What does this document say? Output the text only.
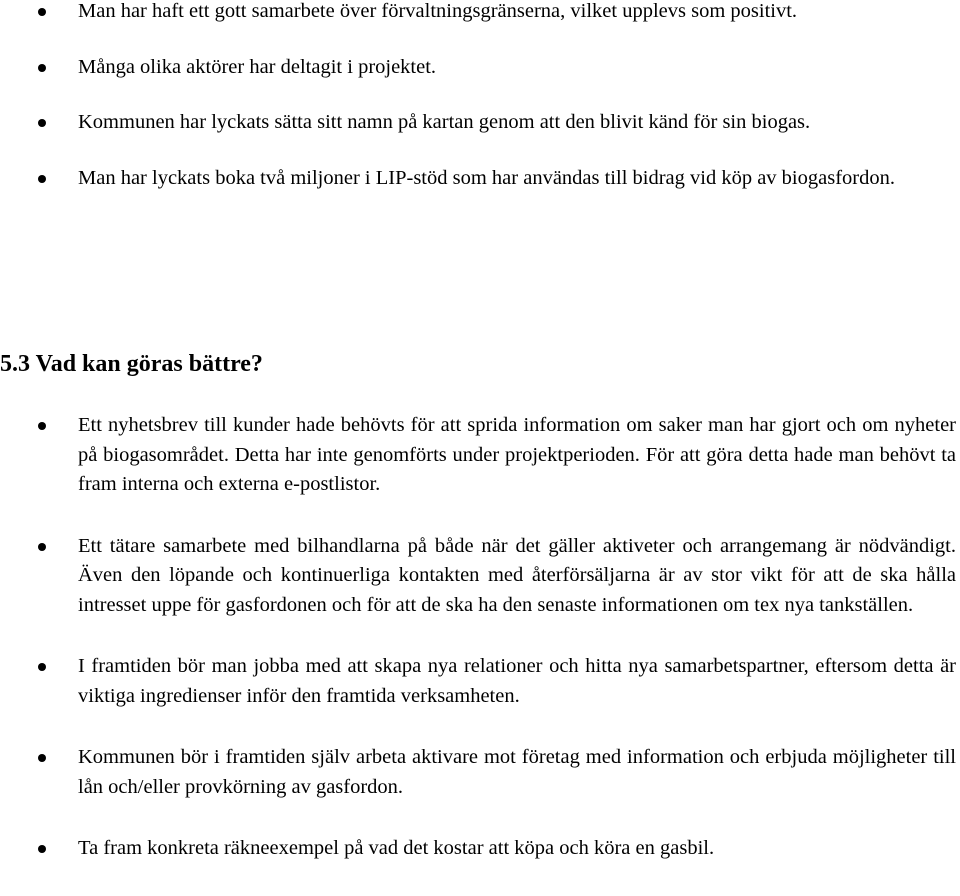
Man har haft ett gott samarbete över förvaltningsgränserna, vilket upplevs som positivt.
Många olika aktörer har deltagit i projektet.
Kommunen har lyckats sätta sitt namn på kartan genom att den blivit känd för sin biogas.
Man har lyckats boka två miljoner i LIP-stöd som har användas till bidrag vid köp av biogasfordon.
5.3 Vad kan göras bättre?
Ett nyhetsbrev till kunder hade behövts för att sprida information om saker man har gjort och om nyheter på biogasområdet. Detta har inte genomförts under projektperioden. För att göra detta hade man behövt ta fram interna och externa e-postlistor.
Ett tätare samarbete med bilhandlarna på både när det gäller aktiveter och arrangemang är nödvändigt. Även den löpande och kontinuerliga kontakten med återförsäljarna är av stor vikt för att de ska hålla intresset uppe för gasfordonen och för att de ska ha den senaste informationen om tex nya tankställen.
I framtiden bör man jobba med att skapa nya relationer och hitta nya samarbetspartner, eftersom detta är viktiga ingredienser inför den framtida verksamheten.
Kommunen bör i framtiden själv arbeta aktivare mot företag med information och erbjuda möjligheter till lån och/eller provkörning av gasfordon.
Ta fram konkreta räkneexempel på vad det kostar att köpa och köra en gasbil.
